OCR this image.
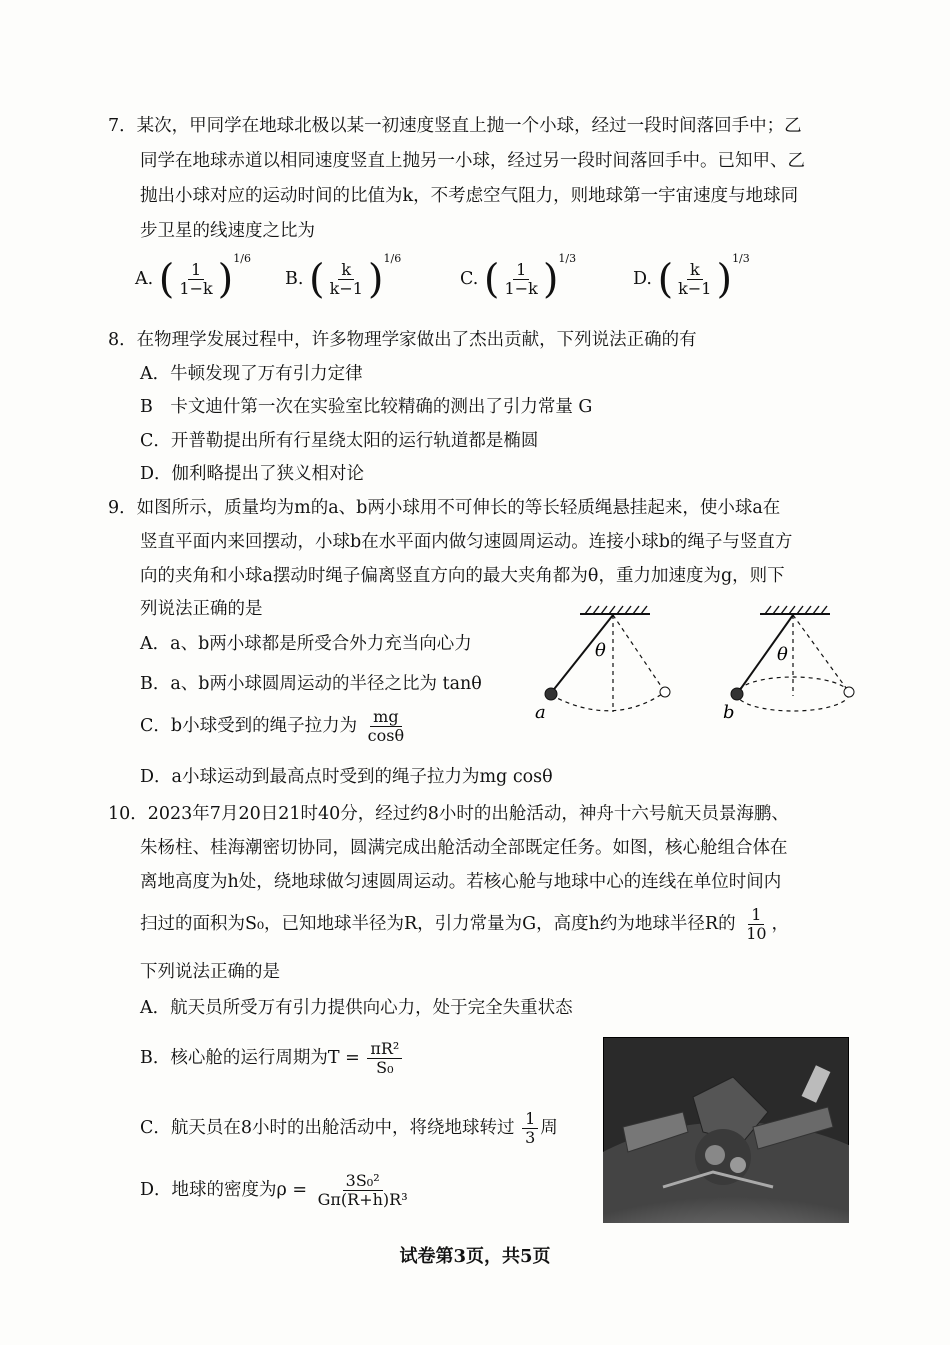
7．某次，甲同学在地球北极以某一初速度竖直上抛一个小球，经过一段时间落回手中；乙
同学在地球赤道以相同速度竖直上抛另一小球，经过另一段时间落回手中。已知甲、乙
抛出小球对应的运动时间的比值为k，不考虑空气阻力，则地球第一宇宙速度与地球同
步卫星的线速度之比为
A. ( $\frac{1}{1-k} )^{1/6}$
B. ( $\frac{k}{k-1} )^{1/6}$
C. ( $\frac{1}{1-k} )^{1/3}$
D. ( $\frac{k}{k-1} )^{1/3}$
8．在物理学发展过程中，许多物理学家做出了杰出贡献，下列说法正确的有
A．牛顿发现了万有引力定律
B　卡文迪什第一次在实验室比较精确的测出了引力常量 G
C．开普勒提出所有行星绕太阳的运行轨道都是椭圆
D．伽利略提出了狭义相对论
9．如图所示，质量均为m的a、b两小球用不可伸长的等长轻质绳悬挂起来，使小球a在
竖直平面内来回摆动，小球b在水平面内做匀速圆周运动。连接小球b的绳子与竖直方
向的夹角和小球a摆动时绳子偏离竖直方向的最大夹角都为θ，重力加速度为g，则下
列说法正确的是
A．a、b两小球都是所受合外力充当向心力
B．a、b两小球圆周运动的半径之比为 tanθ
C．b小球受到的绳子拉力为 $\frac{mg}{\cos\theta}$
D．a小球运动到最高点时受到的绳子拉力为mg cosθ
θ
a
θ
b
10．2023年7月20日21时40分，经过约8小时的出舱活动，神舟十六号航天员景海鹏、
朱杨柱、桂海潮密切协同，圆满完成出舱活动全部既定任务。如图，核心舱组合体在
离地高度为h处，绕地球做匀速圆周运动。若核心舱与地球中心的连线在单位时间内
扫过的面积为S₀，已知地球半径为R，引力常量为G，高度h约为地球半径R的 $\frac{1}{10}$ ，
下列说法正确的是
A．航天员所受万有引力提供向心力，处于完全失重状态
B．核心舱的运行周期为$T = \frac{\text{πR²}}{\text{S₀}}$
C．航天员在8小时的出舱活动中，将绕地球转过 $\frac{1}{3}$ 周
D．地球的密度为$\rho = \frac{\text{3S₀²}}{\text{Gπ(R+h)R³}}$
试卷第3页，共5页
